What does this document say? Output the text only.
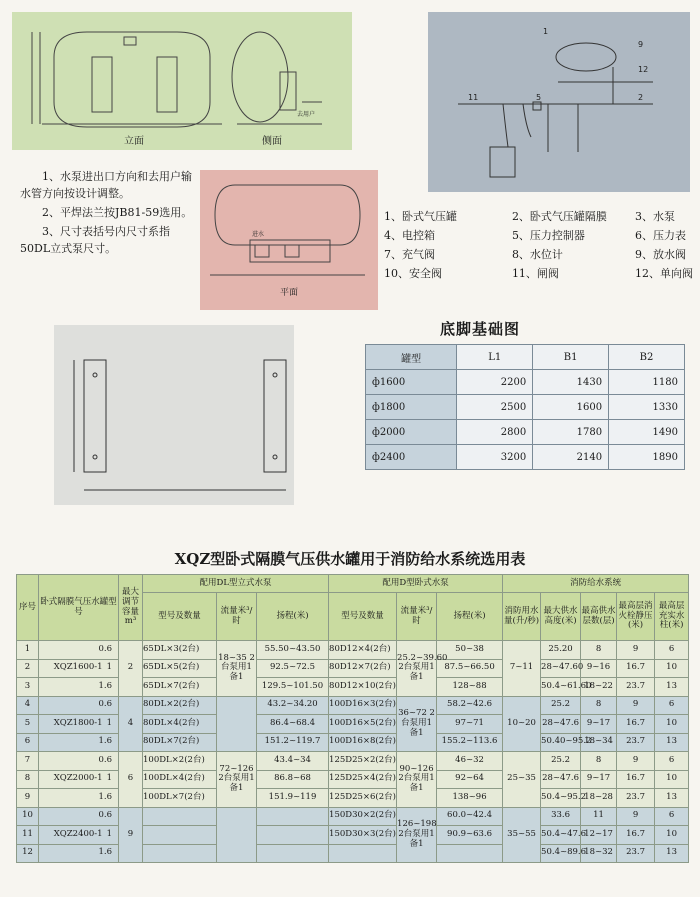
立面	侧面
去用户
11	5
1
9
12
2

1、水泵进出口方向和去用户输水管方向按设计调整。

2、平焊法兰按JB81-59选用。

3、尺寸表括号内尺寸系指50DL立式泵尺寸。

平面
进水
1、卧式气压罐	2、卧式气压罐隔膜	3、水泵
4、电控箱	5、压力控制器	6、压力表
7、充气阀	8、水位计	9、放水阀
10、安全阀	11、闸阀	12、单向阀
底脚基础图
罐型	L1	B1	B2
ф1600	2200	1430	1180
ф1800	2500	1600	1330
ф2000	2800	1780	1490
ф2400	3200	2140	1890
XQZ型卧式隔膜气压供水罐用于消防给水系统选用表
序号	卧式隔膜气压水罐型号	最大调节容量m³	配用DL型立式水泵			配用D型卧式水泵			消防给水系统				
			型号及数量	流量米³/时	扬程(米)	型号及数量	流量米³/时	扬程(米)	消防用水量(升/秒)	最大供水高度(米)	最高供水层数(层)	最高层消火栓静压(米)	最高层充实水柱(米)
1	0.6	2	65DL×3(2台)	18~35 2台泵用1备1	55.50~43.50	80D12×4(2台)	25.2~39.60 2台泵用1备1	50~38	7~11	25.20	8	9	6
2	XQZ1600-1 1		65DL×5(2台)		92.5~72.5	80D12×7(2台)		87.5~66.50		28~47.60	9~16	16.7	10
3	1.6		65DL×7(2台)		129.5~101.50	80D12×10(2台)		128~88		50.4~61.60	18~22	23.7	13
4	0.6	4	80DL×2(2台)		43.2~34.20	100D16×3(2台)	36~72 2台泵用1备1	58.2~42.6	10~20	25.2	8	9	6
5	XQZ1800-1 1		80DL×4(2台)		86.4~68.4	100D16×5(2台)		97~71		28~47.6	9~17	16.7	10
6	1.6		80DL×7(2台)		151.2~119.7	100D16×8(2台)		155.2~113.6		50.40~95.2	18~34	23.7	13
7	0.6	6	100DL×2(2台)	72~126 2台泵用1备1	43.4~34	125D25×2(2台)	90~126 2台泵用1备1	46~32	25~35	25.2	8	9	6
8	XQZ2000-1 1		100DL×4(2台)		86.8~68	125D25×4(2台)		92~64		28~47.6	9~17	16.7	10
9	1.6		100DL×7(2台)		151.9~119	125D25×6(2台)		138~96		50.4~95.2	18~28	23.7	13
10	0.6	9				150D30×2(2台)	126~198 2台泵用1备1	60.0~42.4	35~55	33.6	11	9	6
11	XQZ2400-1 1					150D30×3(2台)		90.9~63.6		50.4~47.6	12~17	16.7	10
12	1.6									50.4~89.6	18~32	23.7	13
